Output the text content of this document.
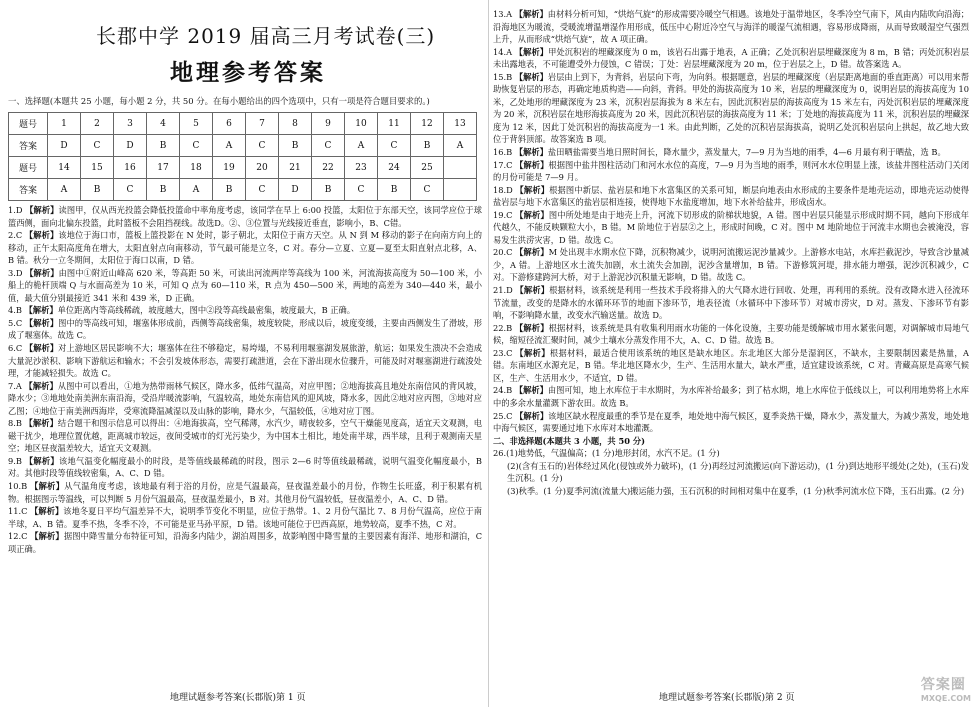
长郡中学 2019 届高三月考试卷(三)
地理参考答案
一、选择题(本题共 25 小题，每小题 2 分，共 50 分。在每小题给出的四个选项中，只有一项是符合题目要求的。)
题号	1	2	3	4	5	6	7	8	9	10	11	12	13
答案	D	C	D	B	C	A	C	B	C	A	C	B	A
题号	14	15	16	17	18	19	20	21	22	23	24	25	
答案	A	B	C	B	A	B	C	D	B	C	B	C	

1.D 【解析】读图甲，仅从西光投篮会降低投篮命中率角度考虑，该同学在早上 6:00 投篮，太阳位于东部天空，该同学应位于球篮西侧，面向北偏东投篮，此时篮板不会阻挡视线。故选D。②、③位置与光线接近垂直，影响小，B、C错。

2.C 【解析】该地位于海口市，篮板上篮投影在 N 处时，影子朝北，太阳位于南方天空。从 N 到 M 移动的影子在向南方向上的移动，正午太阳高度角在增大，太阳直射点向南移动，节气最可能是立冬，C 对。春分—立夏、立夏—夏至太阳直射点北移，A、B 错。秋分一立冬期间，太阳位于海口以南，D 错。

3.D 【解析】由图中①附近山峰高 620 米，等高距 50 米，可读出河流两岸等高线为 100 米，河流海拔高度为 50—100 米，小船上的桅杆顶端 Q 与水面高差为 10 米，可知 Q 点为 60—110 米，R 点为 450—500 米，两地的高差为 340—440 米，最小值，最大值分别最接近 341 米和 439 米，D 正确。

4.B 【解析】单位距离内等高线稀疏，坡度越大，图中②段等高线最密集，坡度最大，B 正确。

5.C 【解析】图中的等高线可知，堰塞体形成前，西侧等高线密集，坡度较陡，形成以后，坡度变缓，主要由西侧发生了滑坡，形成了堰塞体。故选 C。

6.C 【解析】对上游地区居民影响不大；堰塞体在往不够稳定，易垮塌，不易利用堰塞湖发展旅游，航运；如果发生溃决不会造成大量泥沙淤积、影响下游航运和输水；不会引发坡体形态，需要打疏泄道，会在下游出现水位骤升，可能及时对堰塞湖进行疏浚处理，才能减轻损失。故选 C。

7.A 【解析】从图中可以看出，①地为热带雨林气候区，降水多，低纬气温高，对应甲图；②地海拔高且地处东南信风的背风坡，降水少；③地地处南美洲东南沿海，受沿岸暖流影响，气温较高，地处东南信风的迎风坡，降水多，因此②地对应丙图，③地对应乙图；④地位于南美洲西海岸，受寒流降温减湿以及山脉的影响，降水少，气温较低，④地对应丁图。

8.B 【解析】结合题干和图示信息可以得出：④地海拔高，空气稀薄，水汽少，晴夜较多，空气干燥能见度高，适宜天文观测，电磁干扰少，地理位置优越，距离城市较远，夜间受城市的灯光污染少，为中国本土相比，地处南半球，西半球，且利于观测南天星空；地区昼夜温差较大，适宜天文观测。

9.B 【解析】该地气温变化幅度最小的时段，是等值线最稀疏的时段，图示 2—6 时等值线最稀疏，说明气温变化幅度最小，B 对。其他时段等值线较密集，A、C、D 错。

10.B 【解析】从气温角度考虑，该地最有利于浴的月份，应是气温最高，昼夜温差最小的月份，作物生长旺盛，利于积累有机物。根据图示等温线，可以判断 5 月份气温最高，昼夜温差最小，B 对。其他月份气温较低，昼夜温差小，A、C、D 错。

11.C 【解析】该地冬夏日平均气温差异不大，说明季节变化不明显，应位于热带。1、2 月份气温比 7、8 月份气温高，应位于南半球，A、B 错。夏季不热，冬季不冷，不可能是亚马孙平原，D 错。该地可能位于巴西高原，地势较高，夏季不热，C 对。

12.C 【解析】据图中降雪量分布特征可知，沿海多内陆少，湖泊周围多，故影响图中降雪量的主要因素有海洋、地形和湖泊，C 项正确。

地理试题参考答案(长郡版)第 1 页

13.A 【解析】由材料分析可知，“烘焙气旋”的形成需要冷暖空气相遇。该地处于温带地区，冬季冷空气南下，风由内陆吹向沿海；沿海地区为暖流，受暖流增温增湿作用形成，低压中心附近冷空气与海洋的暖湿气流相遇，容易形成降雨，从而导致暖湿空气强烈上升，从而形成“烘焙气旋”，故 A 项正确。

14.A 【解析】甲处沉积岩的埋藏深度为 0 m，该岩石出露于地表，A 正确；乙处沉积岩层埋藏深度为 8 m，B 错；丙处沉积岩层未出露地表，不可能遭受外力侵蚀，C 错误；丁处：岩层埋藏深度为 20 m，位于岩层之上，D 错。故答案选 A。

15.B 【解析】岩层由上到下，为背斜，岩层向下弯，为向斜。根据题意，岩层的埋藏深度（岩层距离地面的垂直距离）可以用来帮助恢复岩层的形态，再确定地质构造——向斜，背斜。甲处的海拔高度为 10 米，岩层的埋藏深度为 0，说明岩层的海拔高度为 10 米，乙处地形的埋藏深度为 23 米，沉积岩层海拔为 8 米左右，因此沉积岩层的海拔高度为 15 米左右，丙处沉积岩层的埋藏深度为 20 米，沉积岩层在地形海拔高度为 20 米，因此沉积岩层的海拔高度为 11 米；丁处地的海拔高度为 11 米，沉积岩层的埋藏深度为 12 米，因此丁处沉积岩的海拔高度为一1 米。由此判断，乙处的沉积岩层海拔高，说明乙处沉积岩层向上拱起，故乙地大致位于背斜顶部。故答案选 B 项。

16.B 【解析】盐田晒盐需要当地日照时间长，降水量少，蒸发量大，7—9 月为当地的雨季，4—6 月最有利于晒盐，选 B。

17.C 【解析】根据图中盐井图柱活动门和河水水位的高度，7—9 月为当地的雨季，则河水水位明显上涨，该盐井图柱活动门关闭的月份可能是 7—9 月。

18.D 【解析】根据图中新层、盐岩层和地下水富集区的关系可知，断层向地表由水形成的主要条件是地壳运动，即地壳运动使得盐岩层与地下水富集区的盐岩层相连接，使得地下水盐度增加，地下水补给盐井，形成卤水。

19.C 【解析】图中所处地是由于地壳上升，河流下切形成的阶梯状地貌，A 错。图中岩层只能显示形成时期不同，越向下形成年代越久，不能反映颗粒大小，B 错。M 阶地位于岩层②之上，形成时间晚，C 对。图中 M 地阶地位于河流丰水期也会被淹没，容易发生洪涝灾害，D 错。故选 C。

20.C 【解析】M 处出现丰水期水位下降，沉积物减少，说明河流搬运泥沙量减少。上游修水电站，水库拦截泥沙，导致含沙量减少，A 错。上游地区水土流失加剧，水土流失会加剧，泥沙含量增加，B 错。下游修筑河堤，排水能力增强，泥沙沉积减少，C 对。下游修建跨河大桥，对于上游泥沙沉积量无影响，D 错。故选 C。

21.D 【解析】根据材料，该系统是利用一些技术手段将排入的大气降水进行回收、处理，再利用的系统。没有改降水进入径流环节流量，改变的是降水的水循环环节的地面下渗环节，地表径流（水循环中下渗环节）对城市涝灾，D 对。蒸发、下渗环节有影响，不影响降水量，改变水汽输送量。故选 D。

22.B 【解析】根据材料，该系统是具有收集利用雨水功能的一体化设施，主要功能是缓解城市用水紧张问题，对调解城市局地气候，缩短径流汇聚时间，减少土壤水分蒸发作用不大，A、C、D 错。故选 B。

23.C 【解析】根据材料，最适合使用该系统的地区是缺水地区。东北地区大部分是湿润区，不缺水，主要限制因素是热量，A 错。东南地区水源充足，B 错。华北地区降水少，生产、生活用水量大，缺水严重，适宜建设该系统，C 对。青藏高原是高寒气候区，生产、生活用水少，不适宜，D 错。

24.B 【解析】由图可知，地上水库位于丰水期时，为水库补给最多；到了枯水期，地上水库位于低线以上，可以利用地势将上水库中的多余水量灌溉下游农田。故选 B。

25.C 【解析】该地区缺水程度最重的季节是在夏季，地处地中海气候区，夏季炎热干燥，降水少，蒸发量大，为减少蒸发，地处地中海气候区，需要通过地下水库对本地灌溉。

二、非选择题(本题共 3 小题，共 50 分)

26.(1)地势低，气温偏高；(1 分)地形封闭，水汽不足。(1 分)

(2)(含有玉石的)岩体经过风化(侵蚀或外力破坏)，(1 分)再经过河流搬运(向下游运动)，(1 分)到达地形平缓处(之处)，(玉石)发生沉积。(1 分)

(3)秋季。(1 分)夏季河流(流量大)搬运能力强，玉石沉积的时间相对集中在夏季，(1 分)秋季河流水位下降，玉石出露。(2 分)

地理试题参考答案(长郡版)第 2 页
答案圈
MXQE.COM
